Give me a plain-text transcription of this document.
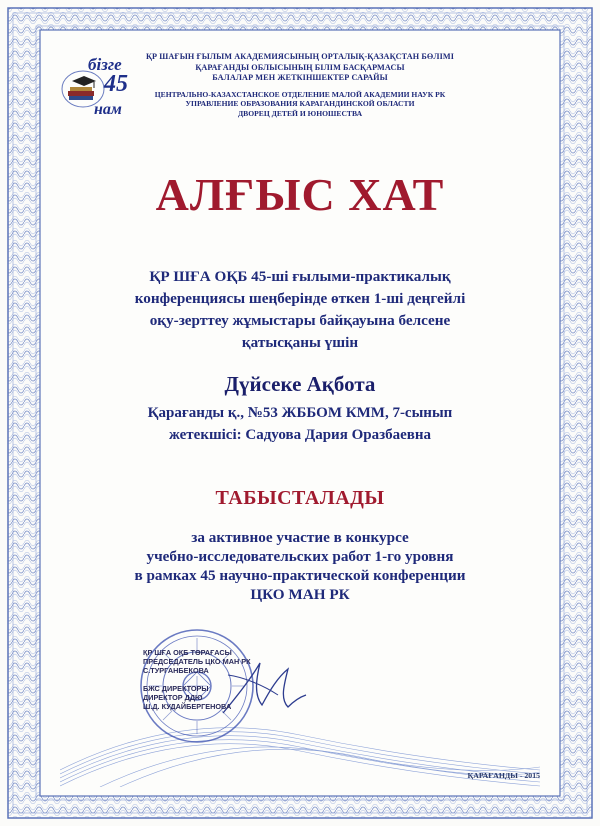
бізге
45
нам

ҚР ШАҒЫН ҒЫЛЫМ АКАДЕМИЯСЫНЫҢ ОРТАЛЫҚ-ҚАЗАҚСТАН БӨЛІМІ

ҚАРАҒАНДЫ ОБЛЫСЫНЫҢ БІЛІМ БАСҚАРМАСЫ

БАЛАЛАР МЕН ЖЕТКІНШЕКТЕР САРАЙЫ

ЦЕНТРАЛЬНО-КАЗАХСТАНСКОЕ ОТДЕЛЕНИЕ МАЛОЙ АКАДЕМИИ НАУК РК

УПРАВЛЕНИЕ ОБРАЗОВАНИЯ КАРАГАНДИНСКОЙ ОБЛАСТИ

ДВОРЕЦ ДЕТЕЙ И ЮНОШЕСТВА

АЛҒЫС ХАТ

ҚР ШҒА ОҚБ 45-ші ғылыми-практикалық

конференциясы шеңберінде өткен 1-ші деңгейлі

оқу-зерттеу жұмыстары байқауына белсене

қатысқаны үшін

Дүйсеке Ақбота

Қарағанды қ., №53 ЖББОМ КММ, 7-сынып

жетекшісі: Садуова Дария Оразбаевна

ТАБЫСТАЛАДЫ

за активное участие в конкурсе

учебно-исследовательских работ 1-го уровня

в рамках 45 научно-практической конференции

ЦКО МАН РК

ҚР ШҒА ОҚБ ТӨРАҒАСЫ

ПРЕДСЕДАТЕЛЬ ЦКО МАН РК

С.ТУРГАНБЕКОВА

БЖС ДИРЕКТОРЫ

ДИРЕКТОР ДДЮ

Ш.Д. КУДАЙБЕРГЕНОВА

ҚАРАҒАНДЫ - 2015
